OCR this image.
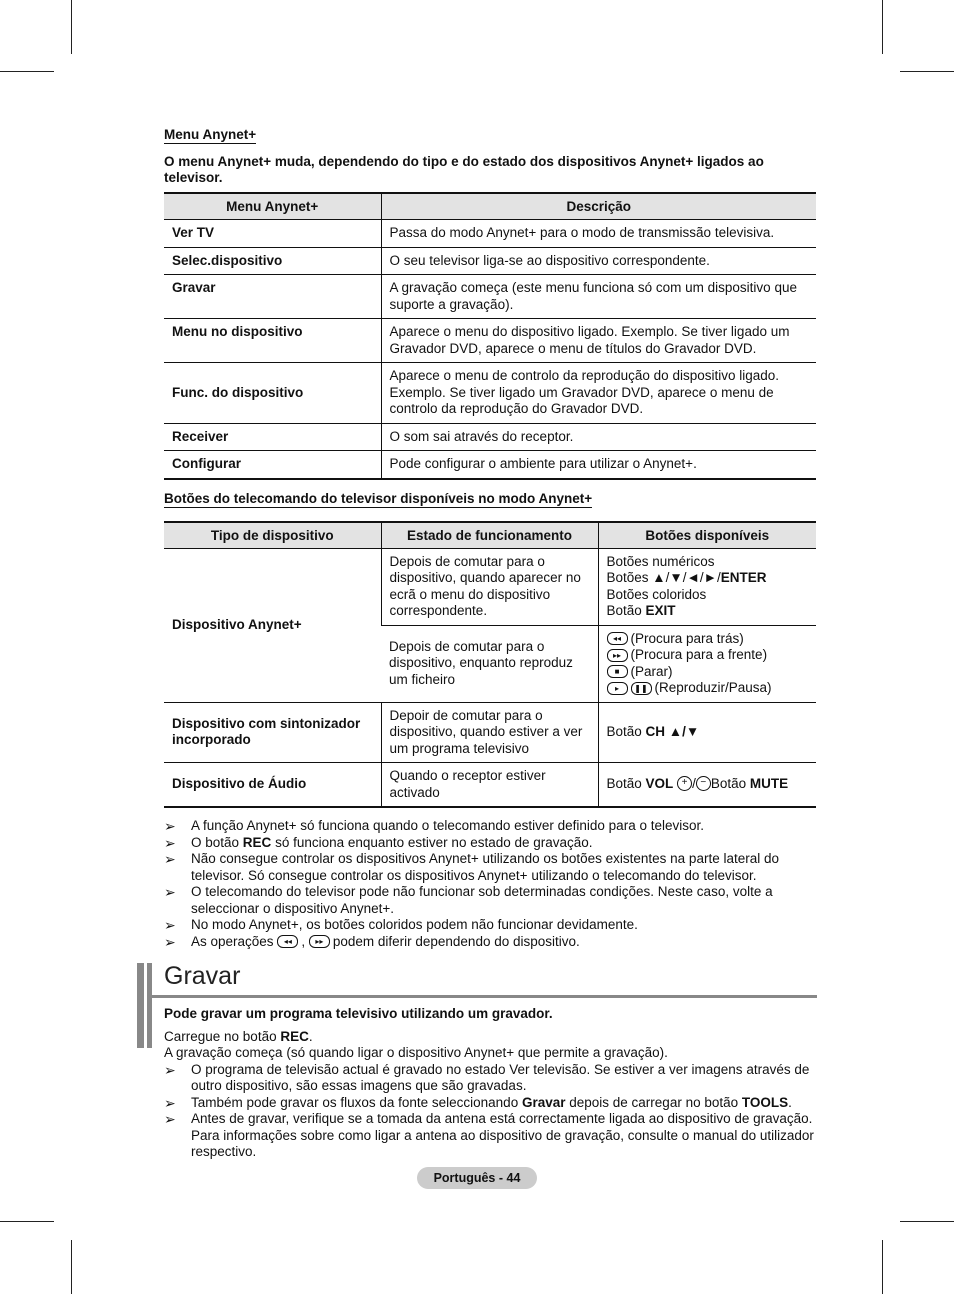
Menu Anynet+
O menu Anynet+ muda, dependendo do tipo e do estado dos dispositivos Anynet+ ligados ao televisor.
Menu Anynet+	Descrição
Ver TV	Passa do modo Anynet+ para o modo de transmissão televisiva.
Selec.dispositivo	O seu televisor liga-se ao dispositivo correspondente.
Gravar	A gravação começa (este menu funciona só com um dispositivo que suporte a gravação).
Menu no dispositivo	Aparece o menu do dispositivo ligado. Exemplo. Se tiver ligado um Gravador DVD, aparece o menu de títulos do Gravador DVD.
Func. do dispositivo	Aparece o menu de controlo da reprodução do dispositivo ligado. Exemplo. Se tiver ligado um Gravador DVD, aparece o menu de controlo da reprodução do Gravador DVD.
Receiver	O som sai através do receptor.
Configurar	Pode configurar o ambiente para utilizar o Anynet+.
Botões do telecomando do televisor disponíveis no modo Anynet+
Tipo de dispositivo	Estado de funcionamento	Botões disponíveis
Dispositivo Anynet+	Depois de comutar para o dispositivo, quando aparecer no ecrã o menu do dispositivo correspondente.	Botões numéricos
Botões ▲/▼/◄/►/ENTER
Botões coloridos
Botão EXIT

	Depois de comutar para o dispositivo, enquanto reproduz um ficheiro	◂◂ (Procura para trás)
▸▸ (Procura para a frente)
■ (Parar)
▸ ❚❚ (Reproduzir/Pausa)

Dispositivo com sintonizador incorporado	Depoir de comutar para o dispositivo, quando estiver a ver um programa televisivo	Botão CH ▲/▼
Dispositivo de Áudio	Quando o receptor estiver activado	Botão VOL + / − Botão MUTE
➢ A função Anynet+ só funciona quando o telecomando estiver definido para o televisor.
➢ O botão REC só funciona enquanto estiver no estado de gravação.
➢ Não consegue controlar os dispositivos Anynet+ utilizando os botões existentes na parte lateral do televisor. Só consegue controlar os dispositivos Anynet+ utilizando o telecomando do televisor.
➢ O telecomando do televisor pode não funcionar sob determinadas condições. Neste caso, volte a seleccionar o dispositivo Anynet+.
➢ No modo Anynet+, os botões coloridos podem não funcionar devidamente.
➢ As operações ◂◂ , ▸▸ podem diferir dependendo do dispositivo.
Gravar
Pode gravar um programa televisivo utilizando um gravador.
Carregue no botão REC.
A gravação começa (só quando ligar o dispositivo Anynet+ que permite a gravação).
➢ O programa de televisão actual é gravado no estado Ver televisão. Se estiver a ver imagens através de outro dispositivo, são essas imagens que são gravadas.
➢ Também pode gravar os fluxos da fonte seleccionando Gravar depois de carregar no botão TOOLS.
➢ Antes de gravar, verifique se a tomada da antena está correctamente ligada ao dispositivo de gravação. Para informações sobre como ligar a antena ao dispositivo de gravação, consulte o manual do utilizador respectivo.
Português - 44
